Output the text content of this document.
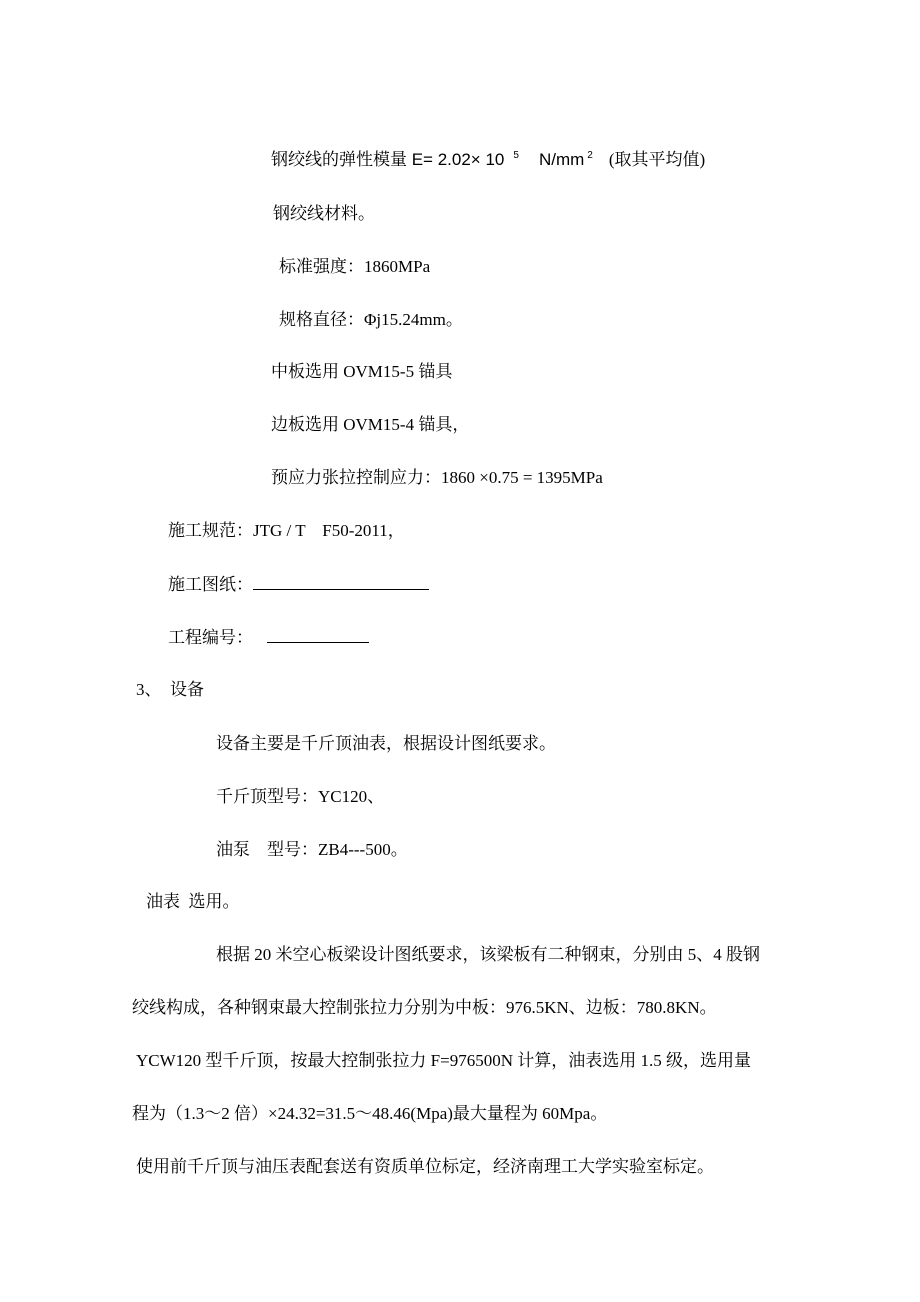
钢绞线的弹性模量 E= 2.02× 10 $^5$ N/mm $^2$ (取其平均值)
钢绞线材料。
标准强度：1860MPa
规格直径：Φj15.24mm。
中板选用 OVM15-5 锚具
边板选用 OVM15-4 锚具，
预应力张拉控制应力：1860 ×0.75 = 1395MPa
施工规范：JTG / T    F50-2011，
施工图纸：
工程编号：
3、  设备
设备主要是千斤顶油表，根据设计图纸要求。
千斤顶型号：YC120、
油泵    型号：ZB4---500。
油表  选用。
根据 20 米空心板梁设计图纸要求，该梁板有二种钢束，分别由 5、4 股钢
绞线构成，各种钢束最大控制张拉力分别为中板：976.5KN、边板：780.8KN。
YCW120 型千斤顶，按最大控制张拉力 F=976500N 计算，油表选用 1.5 级，选用量
程为（1.3～2 倍）×24.32=31.5～48.46(Mpa)最大量程为 60Mpa。
使用前千斤顶与油压表配套送有资质单位标定，经济南理工大学实验室标定。
